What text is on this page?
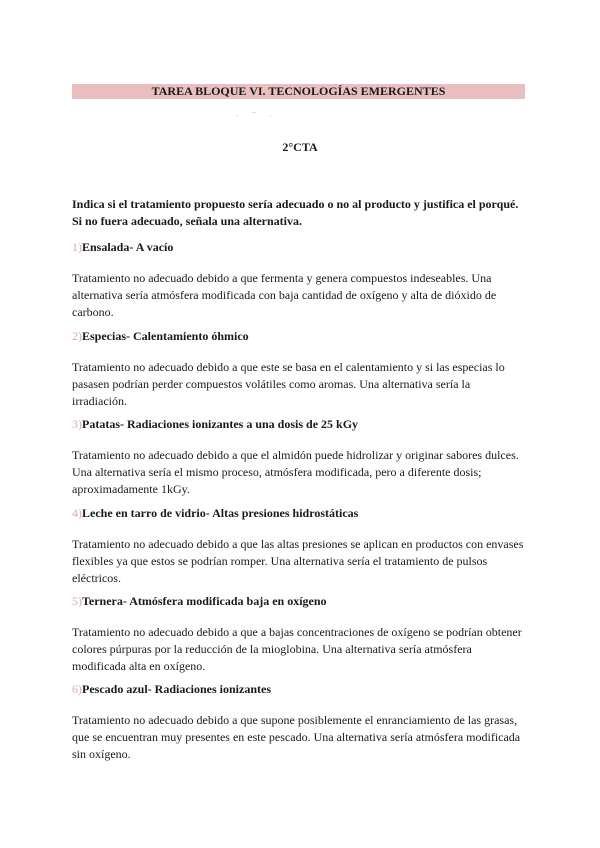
TAREA BLOQUE VI. TECNOLOGÍAS EMERGENTES
· ¯ ·
2°CTA
Indica si el tratamiento propuesto sería adecuado o no al producto y justifica el porqué. Si no fuera adecuado, señala una alternativa.

1)Ensalada- A vacío

Tratamiento no adecuado debido a que fermenta y genera compuestos indeseables. Una alternativa sería atmósfera modificada con baja cantidad de oxígeno y alta de dióxido de carbono.

2)Especias- Calentamiento óhmico

Tratamiento no adecuado debido a que este se basa en el calentamiento y si las especias lo pasasen podrían perder compuestos volátiles como aromas. Una alternativa sería la irradiación.

3)Patatas- Radiaciones ionizantes a una dosis de 25 kGy

Tratamiento no adecuado debido a que el almidón puede hidrolizar y originar sabores dulces. Una alternativa sería el mismo proceso, atmósfera modificada, pero a diferente dosis; aproximadamente 1kGy.

4)Leche en tarro de vidrio- Altas presiones hidrostáticas

Tratamiento no adecuado debido a que las altas presiones se aplican en productos con envases flexibles ya que estos se podrían romper. Una alternativa sería el tratamiento de pulsos eléctricos.

5)Ternera- Atmósfera modificada baja en oxígeno

Tratamiento no adecuado debido a que a bajas concentraciones de oxígeno se podrían obtener colores púrpuras por la reducción de la mioglobina. Una alternativa sería atmósfera modificada alta en oxígeno.

6)Pescado azul- Radiaciones ionizantes

Tratamiento no adecuado debido a que supone posiblemente el enranciamiento de las grasas, que se encuentran muy presentes en este pescado. Una alternativa sería atmósfera modificada sin oxígeno.
